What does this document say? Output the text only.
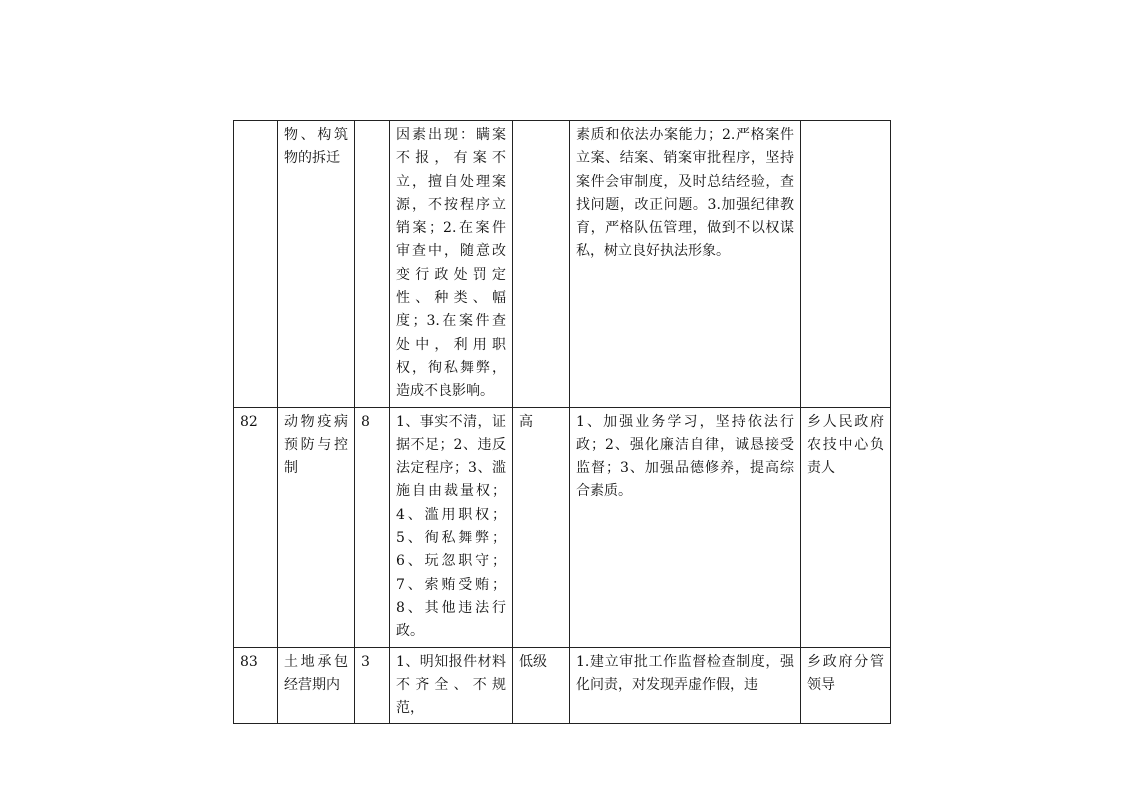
	物、构筑物的拆迁		因素出现：瞒案不报，有案不立，擅自处理案源，不按程序立销案；2.在案件审查中，随意改变行政处罚定性、种类、幅度；3.在案件查处中，利用职权，徇私舞弊，造成不良影响。		素质和依法办案能力；2.严格案件立案、结案、销案审批程序，坚持案件会审制度，及时总结经验，查找问题，改正问题。3.加强纪律教育，严格队伍管理，做到不以权谋私，树立良好执法形象。	
82	动物疫病预防与控制	8	1、事实不清，证据不足；2、违反法定程序；3、滥施自由裁量权；4、滥用职权；5、徇私舞弊；6、玩忽职守；7、索贿受贿；8、其他违法行政。	高	1、加强业务学习，坚持依法行政；2、强化廉洁自律，诚恳接受监督；3、加强品德修养，提高综合素质。	乡人民政府农技中心负责人
83	土地承包经营期内	3	1、明知报件材料不齐全、不规范，	低级	1.建立审批工作监督检查制度，强化问责，对发现弄虚作假，违	乡政府分管领导
